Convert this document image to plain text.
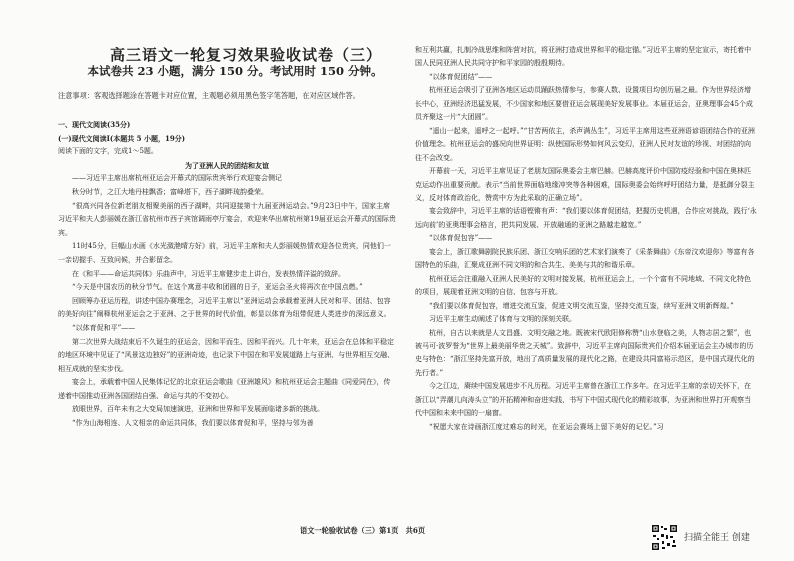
高三语文一轮复习效果验收试卷（三）
本试卷共 23 小题，满分 150 分。考试用时 150 分钟。
注意事项：客观选择题涂在答题卡对应位置，主观题必须用黑色签字笔答题，在对应区域作答。

一、现代文阅读(35分)

(一)现代文阅读Ⅰ(本题共 5 小题，19分)

阅读下面的文字，完成1～5题。

为了亚洲人民的团结和友谊

——习近平主席出席杭州亚运会开幕式的国际贵宾举行欢迎宴会侧记

秋分时节，之江大地丹桂飘香；富峰塔下，西子湖畔琉韵叠荣。

“很高兴同各位新老朋友相聚美丽的西子湖畔，共同迎接第十九届亚洲运动会。”9月23日中午，国家主席习近平和夫人彭丽媛在浙江省杭州市西子宾馆调雨亭厅宴会，欢迎来华出席杭州第19届亚运会开幕式的国际贵宾。

11时45分，巨幅山水画《水光潋滟晴方好》前，习近平主席和夫人彭丽媛热情欢迎各位贵宾，同他们一一亲切握手、互致问候，并合影留念。

在《和平——命运共同体》乐曲声中，习近平主席健步走上讲台，发表热情洋溢的致辞。

“今天是中国农历的秋分节气。在这个寓意丰收和团圆的日子，亚运会圣火将再次在中国点燃。”

回顾筹办亚运历程，讲述中国办赛理念，习近平主席以“亚洲运动会承载着亚洲人民对和平、团结、包容的美好向往”阐释杭州亚运会之于亚洲、之于世界的时代价值，彰显以体育为纽带促进人类进步的深远意义。

“以体育促和平”——

第二次世界大战结束后不久诞生的亚运会，因和平而生、因和平而兴。几十年来，亚运会在总体和平稳定的地区环境中见证了“风景这边独好”的亚洲奇迹，也记录下中国在和平发展道路上与亚洲、与世界相互交融、相互成就的坚实步伐。

宴会上，承载着中国人民集体记忆的北京亚运会歌曲《亚洲雄风》和杭州亚运会主题曲《同爱同在》，传递着中国推动亚洲各国团结自强、命运与共的不变初心。

放眼世界，百年未有之大变局加速演进，亚洲和世界和平发展面临诸多新的挑战。

“作为山海相连、人文相亲的命运共同体，我们要以体育促和平，坚持与邻为善

和互利共赢，扎制冷战思维和阵营对抗，将亚洲打造成世界和平的稳定锚。”习近平主席的坚定宣示，寄托着中国人民同亚洲人民共同守护和平家园的殷殷期待。

“以体育促团结”——

杭州亚运会吸引了亚洲各地区运动员踊跃热情参与，参赛人数、设置项目均创历届之最。作为世界经济增长中心，亚洲经济迅猛发展，不少国家和地区要借亚运会展现美好发展事业。本届亚运会，亚奥理事会45个成员齐聚这一片“大团圆”。

“遥山一起来，遥呼之一起呼。”“甘苦两依主，杀声满丛生”，习近平主席用这些亚洲语谚语团结合作的亚洲价值理念。杭州亚运会的盛况向世界证明：纵使国际形势如何风云变幻，亚洲人民对友谊的珍视、对团结的向往不会改变。

开幕前一天，习近平主席见证了老朋友国际奥委会主席巴赫。巴赫高度评价中国防疫经验和中国在奥林匹克运动作出重要贡献。表示“当前世界面临地缘冲突等各种困难，国际奥委会始终呼吁团结力量，是抵御分裂主义，反对体育政治化，赞赏中方为此采取的正确立场”。

宴会致辞中，习近平主席的话语铿锵有声：“我们要以体育促团结，把握历史机遇，合作应对挑战，践行‘永远向前’的亚奥理事会格言，把共同发展、开放融通的亚洲之路越走越宽。”

“以体育促包容”——

宴会上，浙江歌舞剧院民族乐团、浙江交响乐团的艺术家们演奏了《采茶舞曲》《东帝汶欢迎你》等富有各国特色的乐曲，汇聚成亚洲不同文明的和合共生、美美与共的和谐乐章。

杭州亚运会注重融入亚洲人民美好的文明对接发展，杭州亚运会上，一个个富有不同地域、不同文化特色的项目，展现着亚洲文明的自信、包容与开放。

“我们要以体育促包容，增进交流互鉴，促进文明交流互鉴，坚持交流互鉴，续写亚洲文明新辉煌。”

习近平主席生动阐述了体育与文明的深刻关联。

杭州，自古以来就是人文昌盛、文明交融之地。既被宋代欧阳修称赞“山水登临之美，人物志居之繁”，也被马可·波罗誉为“世界上最美丽华贵之天城”。致辞中，习近平主席向国际贵宾们介绍本届亚运会主办城市的历史与特色：“浙江坚持先富开放，地出了高质量发展的现代化之路，在建设共同富裕示范区，是中国式现代化的先行者。”

今之江边，赓续中国发展进步不凡历程。习近平主席曾在浙江工作多年。在习近平主席的亲切关怀下，在浙江以“弄潮儿向涛头立”的开拓精神和奋进实践，书写下中国式现代化的精彩故事，为亚洲和世界打开观察当代中国和未来中国的一扇窗。

“祝愿大家在诗画浙江度过难忘的时光，在亚运会赛场上留下美好的记忆。”习

语文一轮验收试卷（三）第1页　共6页
扫描全能王 创建
